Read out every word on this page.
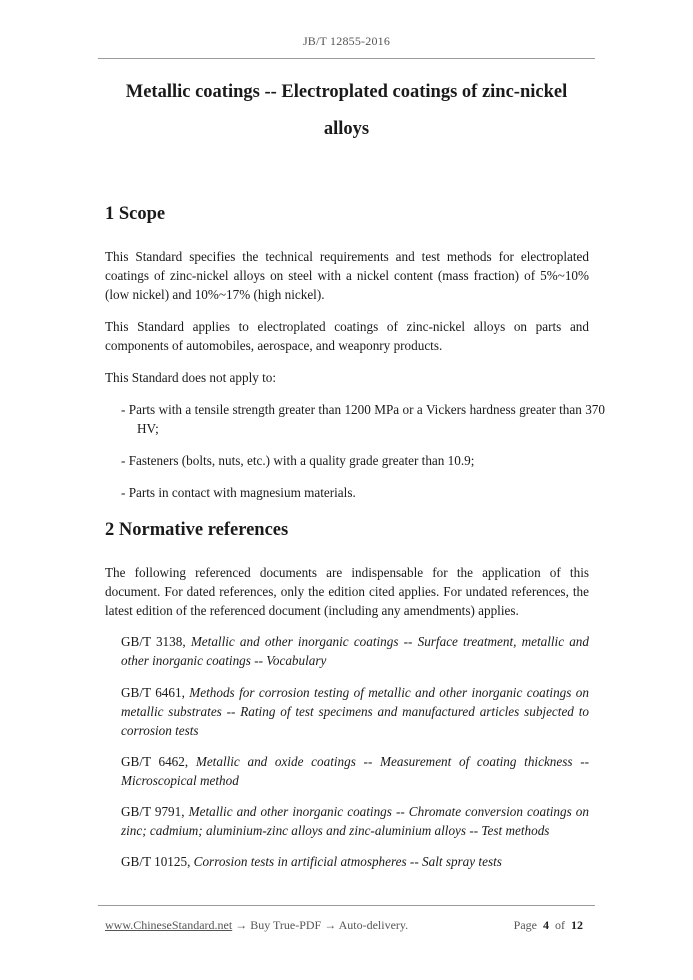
JB/T 12855-2016
Metallic coatings -- Electroplated coatings of zinc-nickel
alloys
1 Scope
This Standard specifies the technical requirements and test methods for electroplated coatings of zinc-nickel alloys on steel with a nickel content (mass fraction) of 5%~10% (low nickel) and 10%~17% (high nickel).
This Standard applies to electroplated coatings of zinc-nickel alloys on parts and components of automobiles, aerospace, and weaponry products.
This Standard does not apply to:
- Parts with a tensile strength greater than 1200 MPa or a Vickers hardness greater than 370 HV;
- Fasteners (bolts, nuts, etc.) with a quality grade greater than 10.9;
- Parts in contact with magnesium materials.
2 Normative references
The following referenced documents are indispensable for the application of this document. For dated references, only the edition cited applies. For undated references, the latest edition of the referenced document (including any amendments) applies.
GB/T 3138, Metallic and other inorganic coatings -- Surface treatment, metallic and other inorganic coatings -- Vocabulary
GB/T 6461, Methods for corrosion testing of metallic and other inorganic coatings on metallic substrates -- Rating of test specimens and manufactured articles subjected to corrosion tests
GB/T 6462, Metallic and oxide coatings -- Measurement of coating thickness -- Microscopical method
GB/T 9791, Metallic and other inorganic coatings -- Chromate conversion coatings on zinc; cadmium; aluminium-zinc alloys and zinc-aluminium alloys -- Test methods
GB/T 10125, Corrosion tests in artificial atmospheres -- Salt spray tests
www.ChineseStandard.net → Buy True-PDF → Auto-delivery.	Page 4 of 12
